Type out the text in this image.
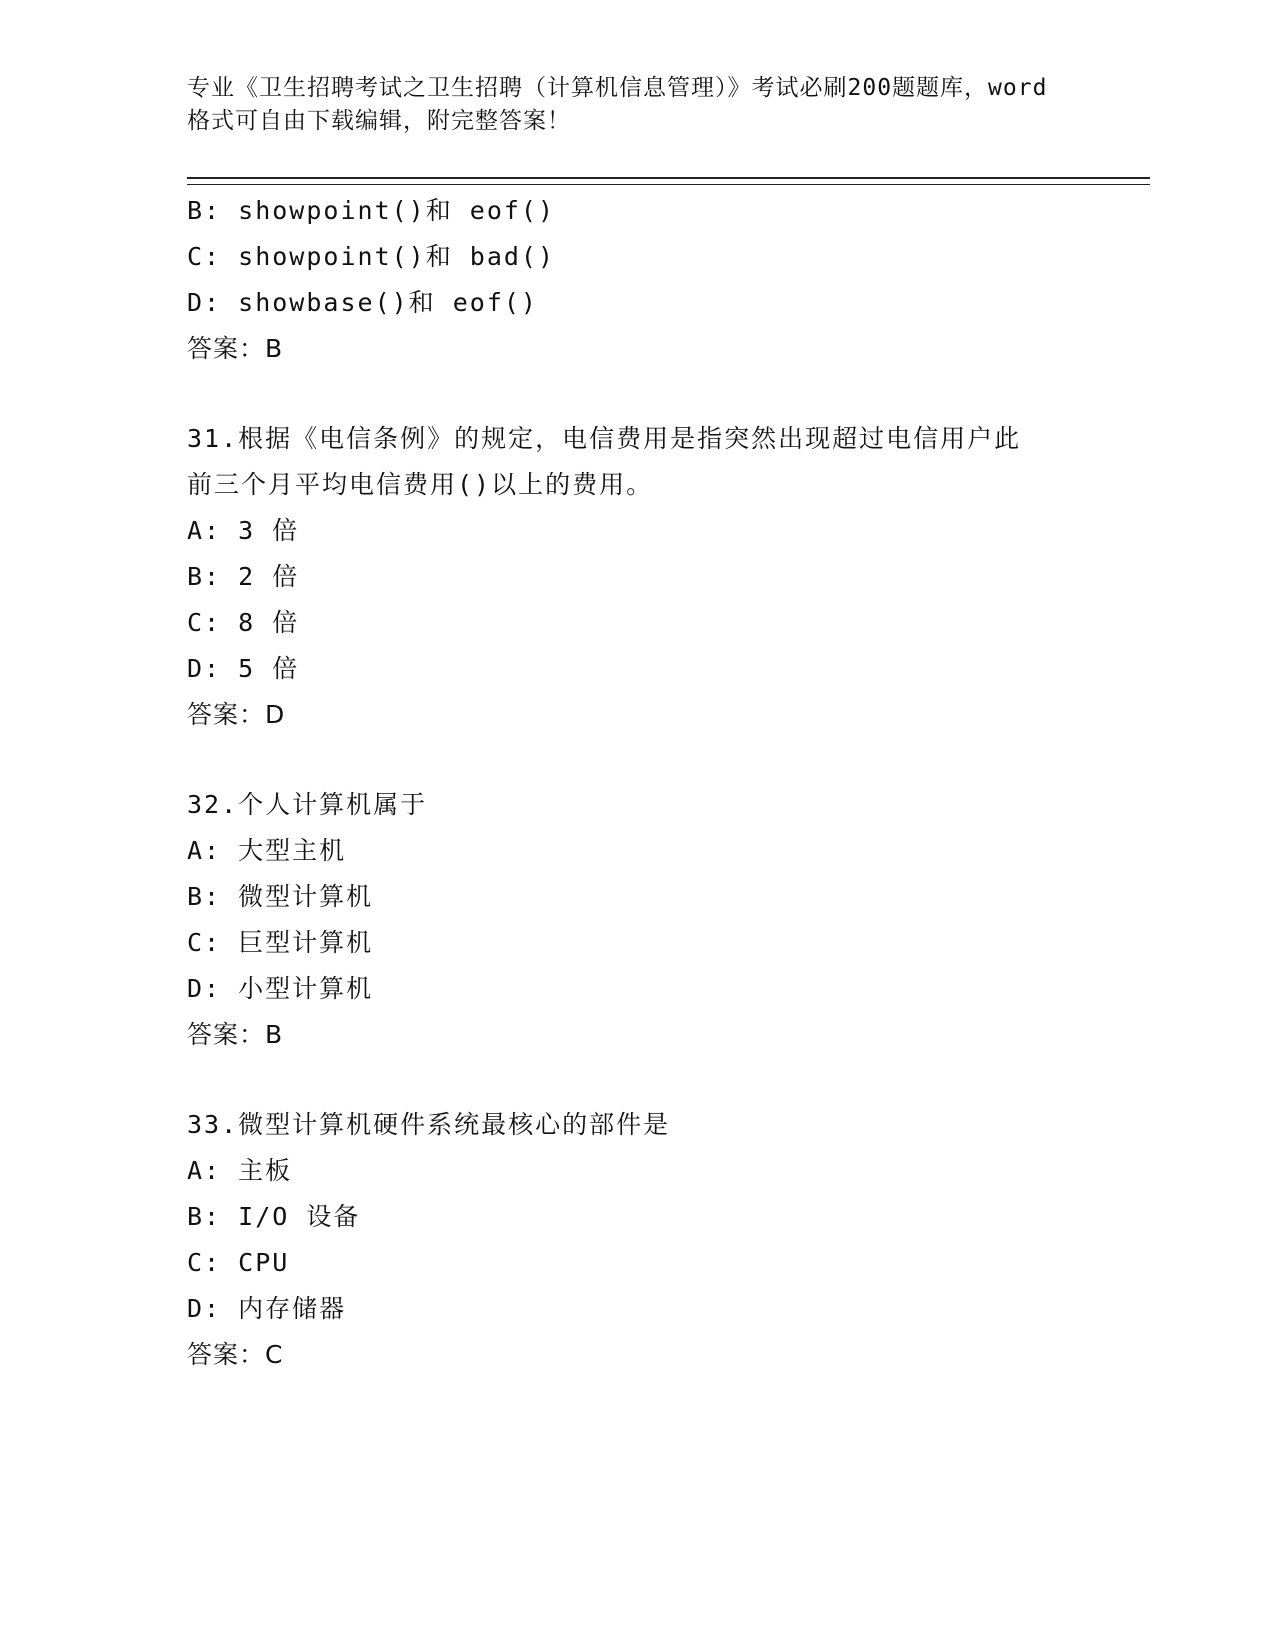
专业《卫生招聘考试之卫生招聘（计算机信息管理）》考试必刷200题题库，word
格式可自由下载编辑，附完整答案！
B: showpoint()和 eof()
C: showpoint()和 bad()
D: showbase()和 eof()
答案：B
31.根据《电信条例》的规定，电信费用是指突然出现超过电信用户此
前三个月平均电信费用()以上的费用。
A: 3 倍
B: 2 倍
C: 8 倍
D: 5 倍
答案：D
32.个人计算机属于
A: 大型主机
B: 微型计算机
C: 巨型计算机
D: 小型计算机
答案：B
33.微型计算机硬件系统最核心的部件是
A: 主板
B: I/O 设备
C: CPU
D: 内存储器
答案：C
